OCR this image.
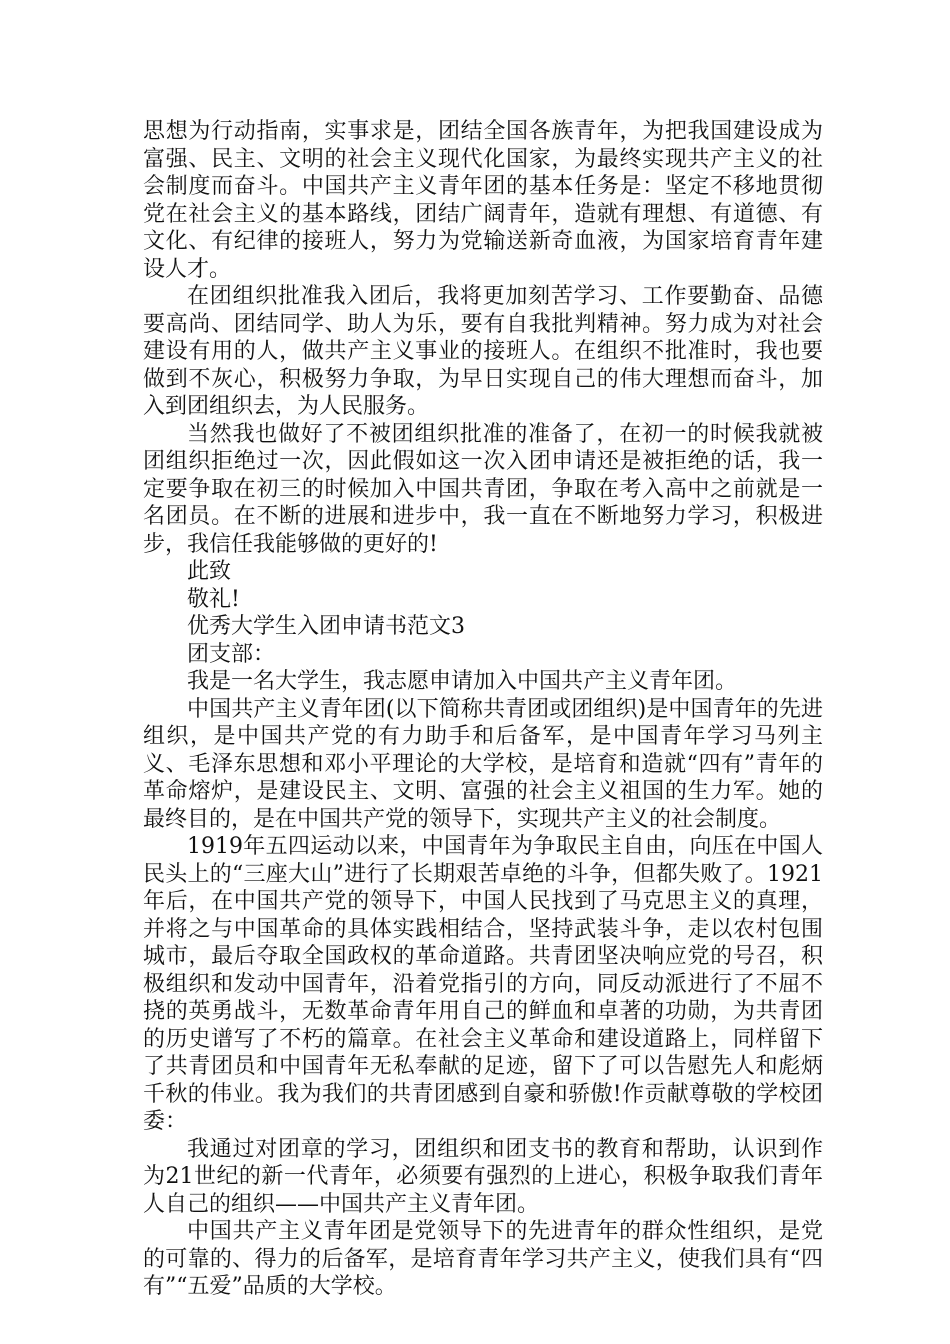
思想为行动指南，实事求是，团结全国各族青年，为把我国建设成为富强、民主、文明的社会主义现代化国家，为最终实现共产主义的社会制度而奋斗。中国共产主义青年团的基本任务是：坚定不移地贯彻党在社会主义的基本路线，团结广阔青年，造就有理想、有道德、有文化、有纪律的接班人，努力为党输送新奇血液，为国家培育青年建设人才。

在团组织批准我入团后，我将更加刻苦学习、工作要勤奋、品德要高尚、团结同学、助人为乐，要有自我批判精神。努力成为对社会建设有用的人，做共产主义事业的接班人。在组织不批准时，我也要做到不灰心，积极努力争取，为早日实现自己的伟大理想而奋斗，加入到团组织去，为人民服务。

当然我也做好了不被团组织批准的准备了，在初一的时候我就被团组织拒绝过一次，因此假如这一次入团申请还是被拒绝的话，我一定要争取在初三的时候加入中国共青团，争取在考入高中之前就是一名团员。在不断的进展和进步中，我一直在不断地努力学习，积极进步，我信任我能够做的更好的!

此致

敬礼!

优秀大学生入团申请书范文3

团支部：

我是一名大学生，我志愿申请加入中国共产主义青年团。

中国共产主义青年团(以下简称共青团或团组织)是中国青年的先进组织，是中国共产党的有力助手和后备军，是中国青年学习马列主义、毛泽东思想和邓小平理论的大学校，是培育和造就“四有”青年的革命熔炉，是建设民主、文明、富强的社会主义祖国的生力军。她的最终目的，是在中国共产党的领导下，实现共产主义的社会制度。

1919年五四运动以来，中国青年为争取民主自由，向压在中国人民头上的“三座大山”进行了长期艰苦卓绝的斗争，但都失败了。1921年后，在中国共产党的领导下，中国人民找到了马克思主义的真理，并将之与中国革命的具体实践相结合，坚持武装斗争，走以农村包围城市，最后夺取全国政权的革命道路。共青团坚决响应党的号召，积极组织和发动中国青年，沿着党指引的方向，同反动派进行了不屈不挠的英勇战斗，无数革命青年用自己的鲜血和卓著的功勋，为共青团的历史谱写了不朽的篇章。在社会主义革命和建设道路上，同样留下了共青团员和中国青年无私奉献的足迹，留下了可以告慰先人和彪炳千秋的伟业。我为我们的共青团感到自豪和骄傲!作贡献尊敬的学校团委：

我通过对团章的学习，团组织和团支书的教育和帮助，认识到作为21世纪的新一代青年，必须要有强烈的上进心，积极争取我们青年人自己的组织——中国共产主义青年团。

中国共产主义青年团是党领导下的先进青年的群众性组织，是党的可靠的、得力的后备军，是培育青年学习共产主义，使我们具有“四有”“五爱”品质的大学校。
